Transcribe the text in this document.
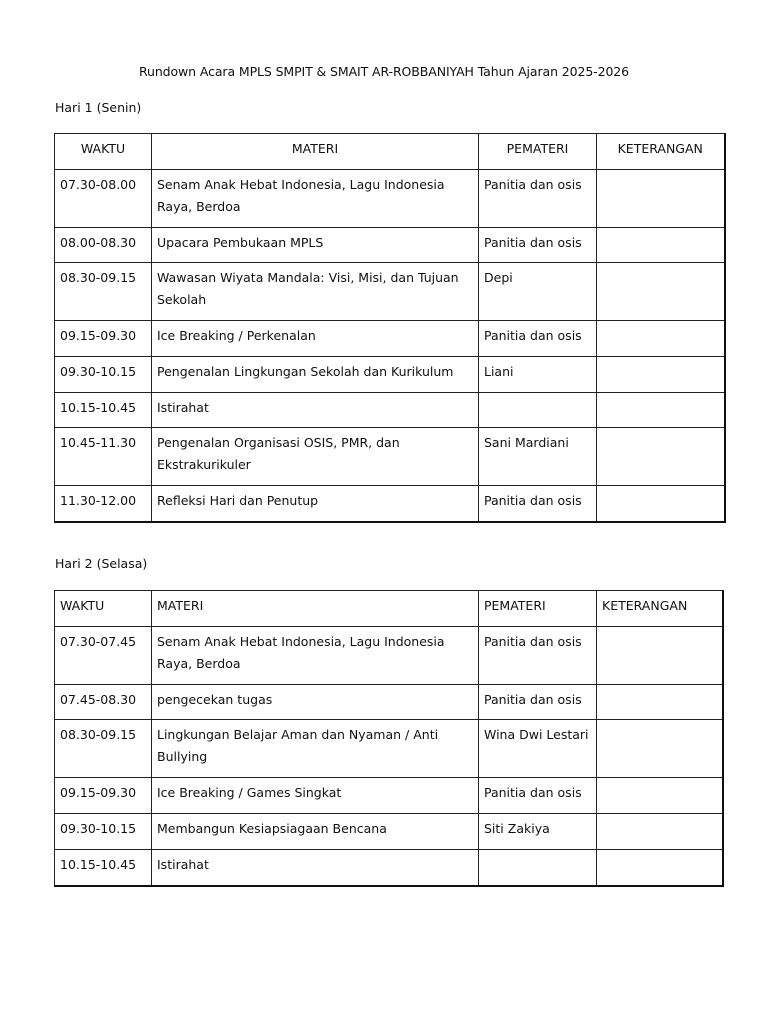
Rundown Acara MPLS SMPIT & SMAIT AR-ROBBANIYAH Tahun Ajaran 2025-2026
Hari 1 (Senin)
WAKTU	MATERI	PEMATERI	KETERANGAN
07.30-08.00	Senam Anak Hebat Indonesia, Lagu Indonesia Raya, Berdoa	Panitia dan osis	
08.00-08.30	Upacara Pembukaan MPLS	Panitia dan osis	
08.30-09.15	Wawasan Wiyata Mandala: Visi, Misi, dan Tujuan Sekolah	Depi	
09.15-09.30	Ice Breaking / Perkenalan	Panitia dan osis	
09.30-10.15	Pengenalan Lingkungan Sekolah dan Kurikulum	Liani	
10.15-10.45	Istirahat		
10.45-11.30	Pengenalan Organisasi OSIS, PMR, dan Ekstrakurikuler	Sani Mardiani	
11.30-12.00	Refleksi Hari dan Penutup	Panitia dan osis	
Hari 2 (Selasa)
WAKTU	MATERI	PEMATERI	KETERANGAN
07.30-07.45	Senam Anak Hebat Indonesia, Lagu Indonesia Raya, Berdoa	Panitia dan osis	
07.45-08.30	pengecekan tugas	Panitia dan osis	
08.30-09.15	Lingkungan Belajar Aman dan Nyaman / Anti Bullying	Wina Dwi Lestari	
09.15-09.30	Ice Breaking / Games Singkat	Panitia dan osis	
09.30-10.15	Membangun Kesiapsiagaan Bencana	Siti Zakiya	
10.15-10.45	Istirahat		
